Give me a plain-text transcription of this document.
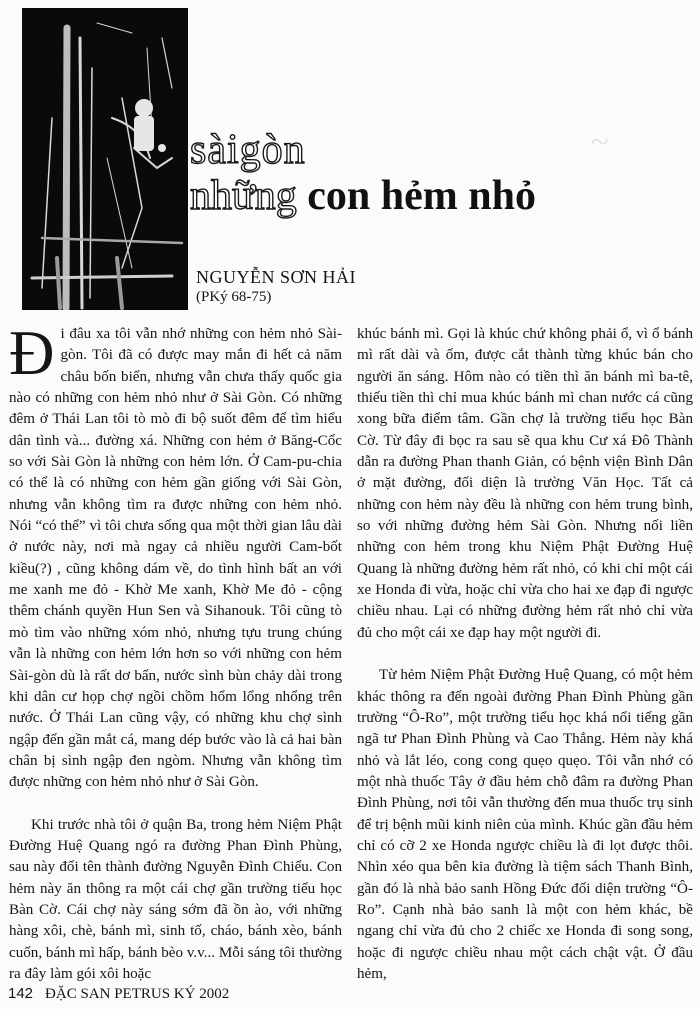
~
sàigòn
những con hẻm nhỏ
NGUYỄN SƠN HẢI
(PKý 68-75)

Đi đâu xa tôi vẫn nhớ những con hẻm nhỏ Sài-gòn. Tôi đã có được may mắn đi hết cả năm châu bốn biển, nhưng vẫn chưa thấy quốc gia nào có những con hẻm nhỏ như ở Sài Gòn. Có những đêm ở Thái Lan tôi tò mò đi bộ suốt đêm để tìm hiểu dân tình và... đường xá. Những con hẻm ở Băng-Cốc so với Sài Gòn là những con hẻm lớn. Ở Cam-pu-chia có thể là có những con hẻm gần giống với Sài Gòn, nhưng vẫn không tìm ra được những con hẻm nhỏ. Nói “có thể” vì tôi chưa sống qua một thời gian lâu dài ở nước này, nơi mà ngay cả nhiều người Cam-bốt kiều(?) , cũng không dám về, do tình hình bất an với me xanh me đỏ - Khờ Me xanh, Khờ Me đỏ - cộng thêm chánh quyền Hun Sen và Sihanouk. Tôi cũng tò mò tìm vào những xóm nhỏ, nhưng tựu trung chúng vẫn là những con hẻm lớn hơn so với những con hẻm Sài-gòn dù là rất dơ bẩn, nước sình bùn chảy dài trong khi dân cư họp chợ ngồi chồm hổm lổng nhổng trên nước. Ở Thái Lan cũng vậy, có những khu chợ sình ngập đến gần mắt cá, mang dép bước vào là cả hai bàn chân bị sình ngập đen ngòm. Nhưng vẫn không tìm được những con hẻm nhỏ như ở Sài Gòn.

Khi trước nhà tôi ở quận Ba, trong hẻm Niệm Phật Đường Huệ Quang ngó ra đường Phan Đình Phùng, sau này đổi tên thành đường Nguyễn Đình Chiểu. Con hẻm này ăn thông ra một cái chợ gần trường tiểu học Bàn Cờ. Cái chợ này sáng sớm đã ồn ào, với những hàng xôi, chè, bánh mì, sinh tố, cháo, bánh xèo, bánh cuốn, bánh mì hấp, bánh bèo v.v... Mỗi sáng tôi thường ra đây làm gói xôi hoặc

khúc bánh mì. Gọi là khúc chứ không phải ổ, vì ổ bánh mì rất dài và ốm, được cắt thành từng khúc bán cho người ăn sáng. Hôm nào có tiền thì ăn bánh mì ba-tê, thiếu tiền thì chỉ mua khúc bánh mì chan nước cá cũng xong bữa điểm tâm. Gần chợ là trường tiểu học Bàn Cờ. Từ đây đi bọc ra sau sẽ qua khu Cư xá Đô Thành dẫn ra đường Phan thanh Giản, có bệnh viện Bình Dân ở mặt đường, đối diện là trường Văn Học. Tất cả những con hẻm này đều là những con hẻm trung bình, so với những đường hẻm Sài Gòn. Nhưng nối liền những con hẻm trong khu Niệm Phật Đường Huệ Quang là những đường hẻm rất nhỏ, có khi chỉ một cái xe Honda đi vừa, hoặc chỉ vừa cho hai xe đạp đi ngược chiều nhau. Lại có những đường hẻm rất nhỏ chỉ vừa đủ cho một cái xe đạp hay một người đi.

Từ hẻm Niệm Phật Đường Huệ Quang, có một hẻm khác thông ra đến ngoài đường Phan Đình Phùng gần trường “Ô-Ro”, một trường tiểu học khá nổi tiếng gần ngã tư Phan Đình Phùng và Cao Thắng. Hẻm này khá nhỏ và lắt léo, cong cong quẹo quẹo. Tôi vẫn nhớ có một nhà thuốc Tây ở đầu hẻm chỗ đâm ra đường Phan Đình Phùng, nơi tôi vẫn thường đến mua thuốc trụ sinh để trị bệnh mũi kinh niên của mình. Khúc gần đầu hẻm chỉ có cỡ 2 xe Honda ngược chiều là đi lọt được thôi. Nhìn xéo qua bên kia đường là tiệm sách Thanh Bình, gần đó là nhà bảo sanh Hồng Đức đối diện trường “Ô-Ro”. Cạnh nhà bảo sanh là một con hẻm khác, bề ngang chỉ vừa đủ cho 2 chiếc xe Honda đi song song, hoặc đi ngược chiều nhau một cách chật vật. Ở đầu hẻm,

142 ĐẶC SAN PETRUS KÝ 2002
